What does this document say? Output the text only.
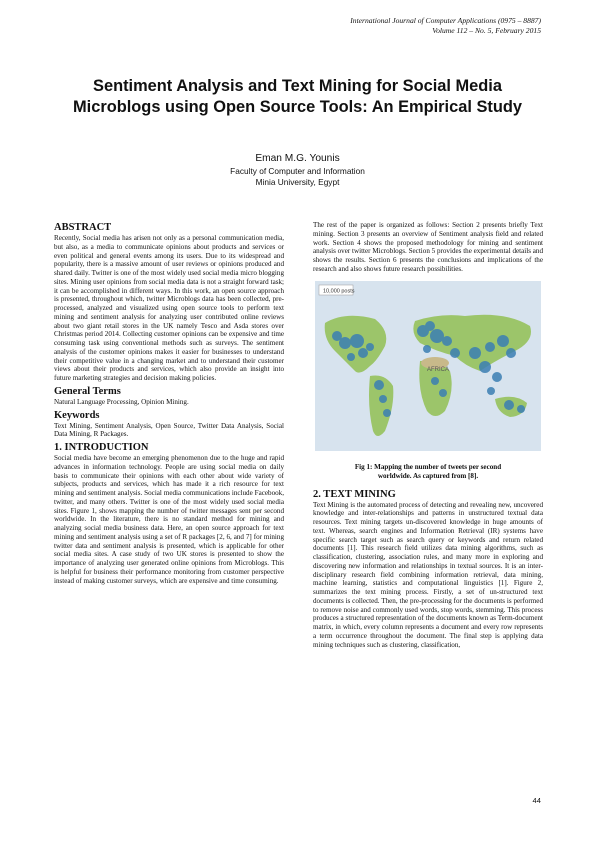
International Journal of Computer Applications (0975 – 8887)
Volume 112 – No. 5, February 2015
Sentiment Analysis and Text Mining for Social Media Microblogs using Open Source Tools: An Empirical Study
Eman M.G. Younis
Faculty of Computer and Information
Minia University, Egypt
ABSTRACT

Recently, Social media has arisen not only as a personal communication media, but also, as a media to communicate opinions about products and services or even political and general events among its users. Due to its widespread and popularity, there is a massive amount of user reviews or opinions produced and shared daily. Twitter is one of the most widely used social media micro blogging sites. Mining user opinions from social media data is not a straight forward task; it can be accomplished in different ways. In this work, an open source approach is presented, throughout which, twitter Microblogs data has been collected, pre-processed, analyzed and visualized using open source tools to perform text mining and sentiment analysis for analyzing user contributed online reviews about two giant retail stores in the UK namely Tesco and Asda stores over Christmas period 2014. Collecting customer opinions can be expensive and time consuming task using conventional methods such as surveys. The sentiment analysis of the customer opinions makes it easier for businesses to understand their competitive value in a changing market and to understand their customer views about their products and services, which also provide an insight into future marketing strategies and decision making policies.

General Terms

Natural Language Processing, Opinion Mining.

Keywords

Text Mining, Sentiment Analysis, Open Source, Twitter Data Analysis, Social Data Mining, R Packages.

1. INTRODUCTION

Social media have become an emerging phenomenon due to the huge and rapid advances in information technology. People are using social media on daily basis to communicate their opinions with each other about wide variety of subjects, products and services, which has made it a rich resource for text mining and sentiment analysis. Social media communications include Facebook, twitter, and many others. Twitter is one of the most widely used social media sites. Figure 1, shows mapping the number of twitter messages sent per second worldwide. In the literature, there is no standard method for mining and analyzing social media business data. Here, an open source approach for text mining and sentiment analysis using a set of R packages [2, 6, and 7] for mining twitter data and sentiment analysis is presented, which is applicable for other social media sites. A case study of two UK stores is presented to show the importance of analyzing user generated online opinions from Microblogs. This is helpful for business their performance monitoring from customer perspective instead of making customer surveys, which are expensive and time consuming.

The rest of the paper is organized as follows: Section 2 presents briefly Text mining. Section 3 presents an overview of Sentiment analysis field and related work. Section 4 shows the proposed methodology for mining and sentiment analysis over twitter Microblogs. Section 5 provides the experimental details and shows the results. Section 6 presents the conclusions and implications of the research and also shows future research possibilities.

10,000 posts
AFRICA
Fig 1: Mapping the number of tweets per second
worldwide. As captured from [8].
2. TEXT MINING

Text Mining is the automated process of detecting and revealing new, uncovered knowledge and inter-relationships and patterns in unstructured textual data resources. Text mining targets un-discovered knowledge in huge amounts of text. Whereas, search engines and Information Retrieval (IR) systems have specific search target such as search query or keywords and return related documents [1]. This research field utilizes data mining algorithms, such as classification, clustering, association rules, and many more in exploring and discovering new information and relationships in textual sources. It is an inter-disciplinary research field combining information retrieval, data mining, machine learning, statistics and computational linguistics [1]. Figure 2, summarizes the text mining process. Firstly, a set of un-structured text documents is collected. Then, the pre-processing for the documents is performed to remove noise and commonly used words, stop words, stemming. This process produces a structured representation of the documents known as Term-document matrix, in which, every column represents a document and every row represents a term occurrence throughout the document. The final step is applying data mining techniques such as clustering, classification,

44
